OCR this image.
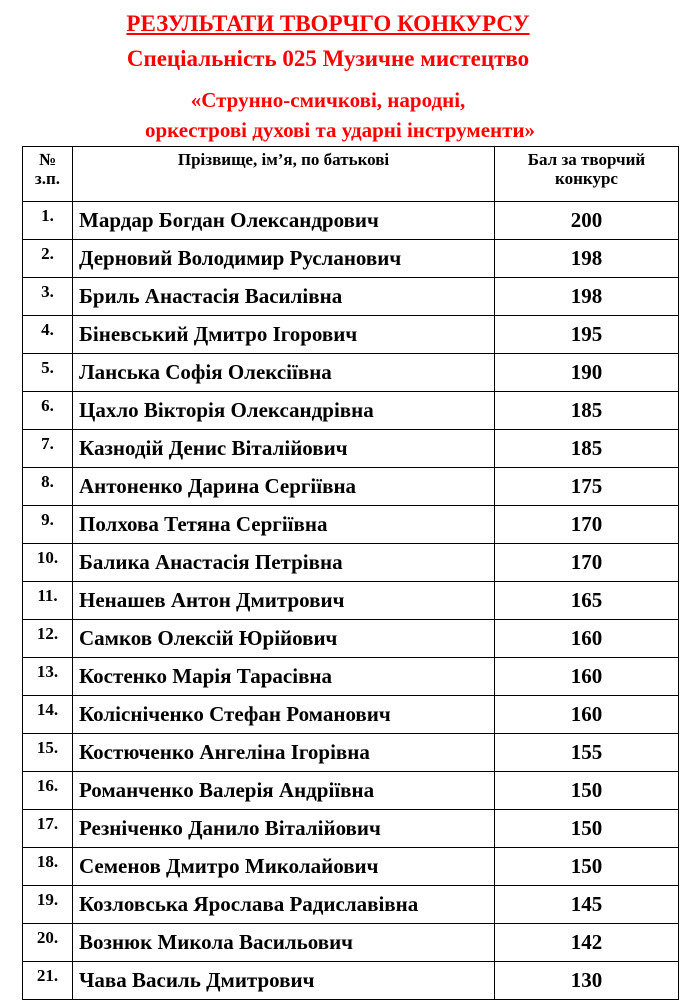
РЕЗУЛЬТАТИ ТВОРЧГО КОНКУРСУ
Спеціальність 025 Музичне мистецтво
«Струнно-смичкові, народні,
оркестрові духові та ударні інструменти»
№ з.п.	Прізвище, ім’я, по батькові	Бал за творчий конкурс
1.	Мардар Богдан Олександрович	200
2.	Дерновий Володимир Русланович	198
3.	Бриль Анастасія Василівна	198
4.	Біневський Дмитро Ігорович	195
5.	Ланська Софія Олексіївна	190
6.	Цахло Вікторія Олександрівна	185
7.	Казнодій Денис Віталійович	185
8.	Антоненко Дарина Сергіївна	175
9.	Полхова Тетяна Сергіївна	170
10.	Балика Анастасія Петрівна	170
11.	Ненашев Антон Дмитрович	165
12.	Самков Олексій Юрійович	160
13.	Костенко Марія Тарасівна	160
14.	Колісніченко Стефан Романович	160
15.	Костюченко Ангеліна Ігорівна	155
16.	Романченко Валерія Андріївна	150
17.	Резніченко Данило Віталійович	150
18.	Семенов Дмитро Миколайович	150
19.	Козловська Ярослава Радиславівна	145
20.	Вознюк Микола Васильович	142
21.	Чава Василь Дмитрович	130
